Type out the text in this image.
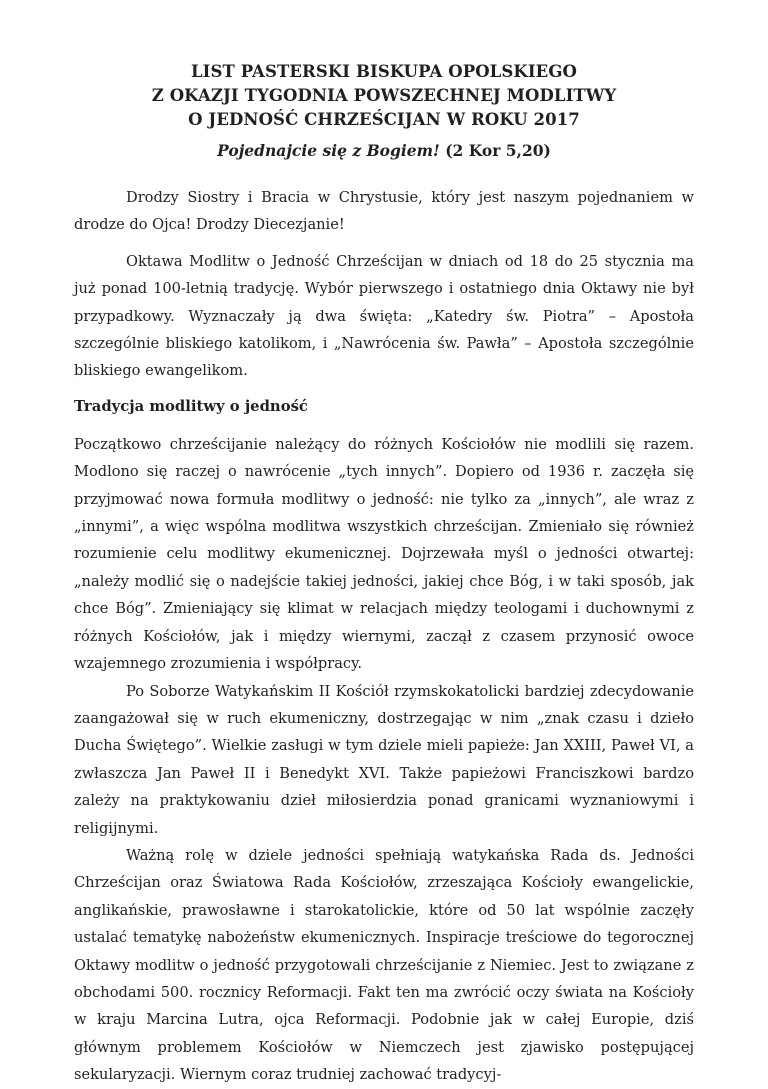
LIST PASTERSKI BISKUPA OPOLSKIEGO
Z OKAZJI TYGODNIA POWSZECHNEJ MODLITWY
O JEDNOŚĆ CHRZEŚCIJAN W ROKU 2017
Pojednajcie się z Bogiem! (2 Kor 5,20)

Drodzy Siostry i Bracia w Chrystusie, który jest naszym pojednaniem w drodze do Ojca! Drodzy Diecezjanie!

Oktawa Modlitw o Jedność Chrześcijan w dniach od 18 do 25 stycznia ma już ponad 100-letnią tradycję. Wybór pierwszego i ostatniego dnia Oktawy nie był przypadkowy. Wyznaczały ją dwa święta: „Katedry św. Piotra” – Apostoła szczególnie bliskiego katolikom, i „Nawrócenia św. Pawła” – Apostoła szczególnie bliskiego ewangelikom.

Tradycja modlitwy o jedność

Początkowo chrześcijanie należący do różnych Kościołów nie modlili się razem. Modlono się raczej o nawrócenie „tych innych”. Dopiero od 1936 r. zaczęła się przyjmować nowa formuła modlitwy o jedność: nie tylko za „innych”, ale wraz z „innymi”, a więc wspólna modlitwa wszystkich chrześcijan. Zmieniało się również rozumienie celu modlitwy ekumenicznej. Dojrzewała myśl o jedności otwartej: „należy modlić się o nadejście takiej jedności, jakiej chce Bóg, i w taki sposób, jak chce Bóg”. Zmieniający się klimat w relacjach między teologami i duchownymi z różnych Kościołów, jak i między wiernymi, zaczął z czasem przynosić owoce wzajemnego zrozumienia i współpracy.

Po Soborze Watykańskim II Kościół rzymskokatolicki bardziej zdecydowanie zaangażował się w ruch ekumeniczny, dostrzegając w nim „znak czasu i dzieło Ducha Świętego”. Wielkie zasługi w tym dziele mieli papieże: Jan XXIII, Paweł VI, a zwłaszcza Jan Paweł II i Benedykt XVI. Także papieżowi Franciszkowi bardzo zależy na praktykowaniu dzieł miłosierdzia ponad granicami wyznaniowymi i religijnymi.

Ważną rolę w dziele jedności spełniają watykańska Rada ds. Jedności Chrześcijan oraz Światowa Rada Kościołów, zrzeszająca Kościoły ewangelickie, anglikańskie, prawosławne i starokatolickie, które od 50 lat wspólnie zaczęły ustalać tematykę nabożeństw ekumenicznych. Inspiracje treściowe do tegorocznej Oktawy modlitw o jedność przygotowali chrześcijanie z Niemiec. Jest to związane z obchodami 500. rocznicy Reformacji. Fakt ten ma zwrócić oczy świata na Kościoły w kraju Marcina Lutra, ojca Reformacji. Podobnie jak w całej Europie, dziś głównym problemem Kościołów w Niemczech jest zjawisko postępującej sekularyzacji. Wiernym coraz trudniej zachować tradycyj-
